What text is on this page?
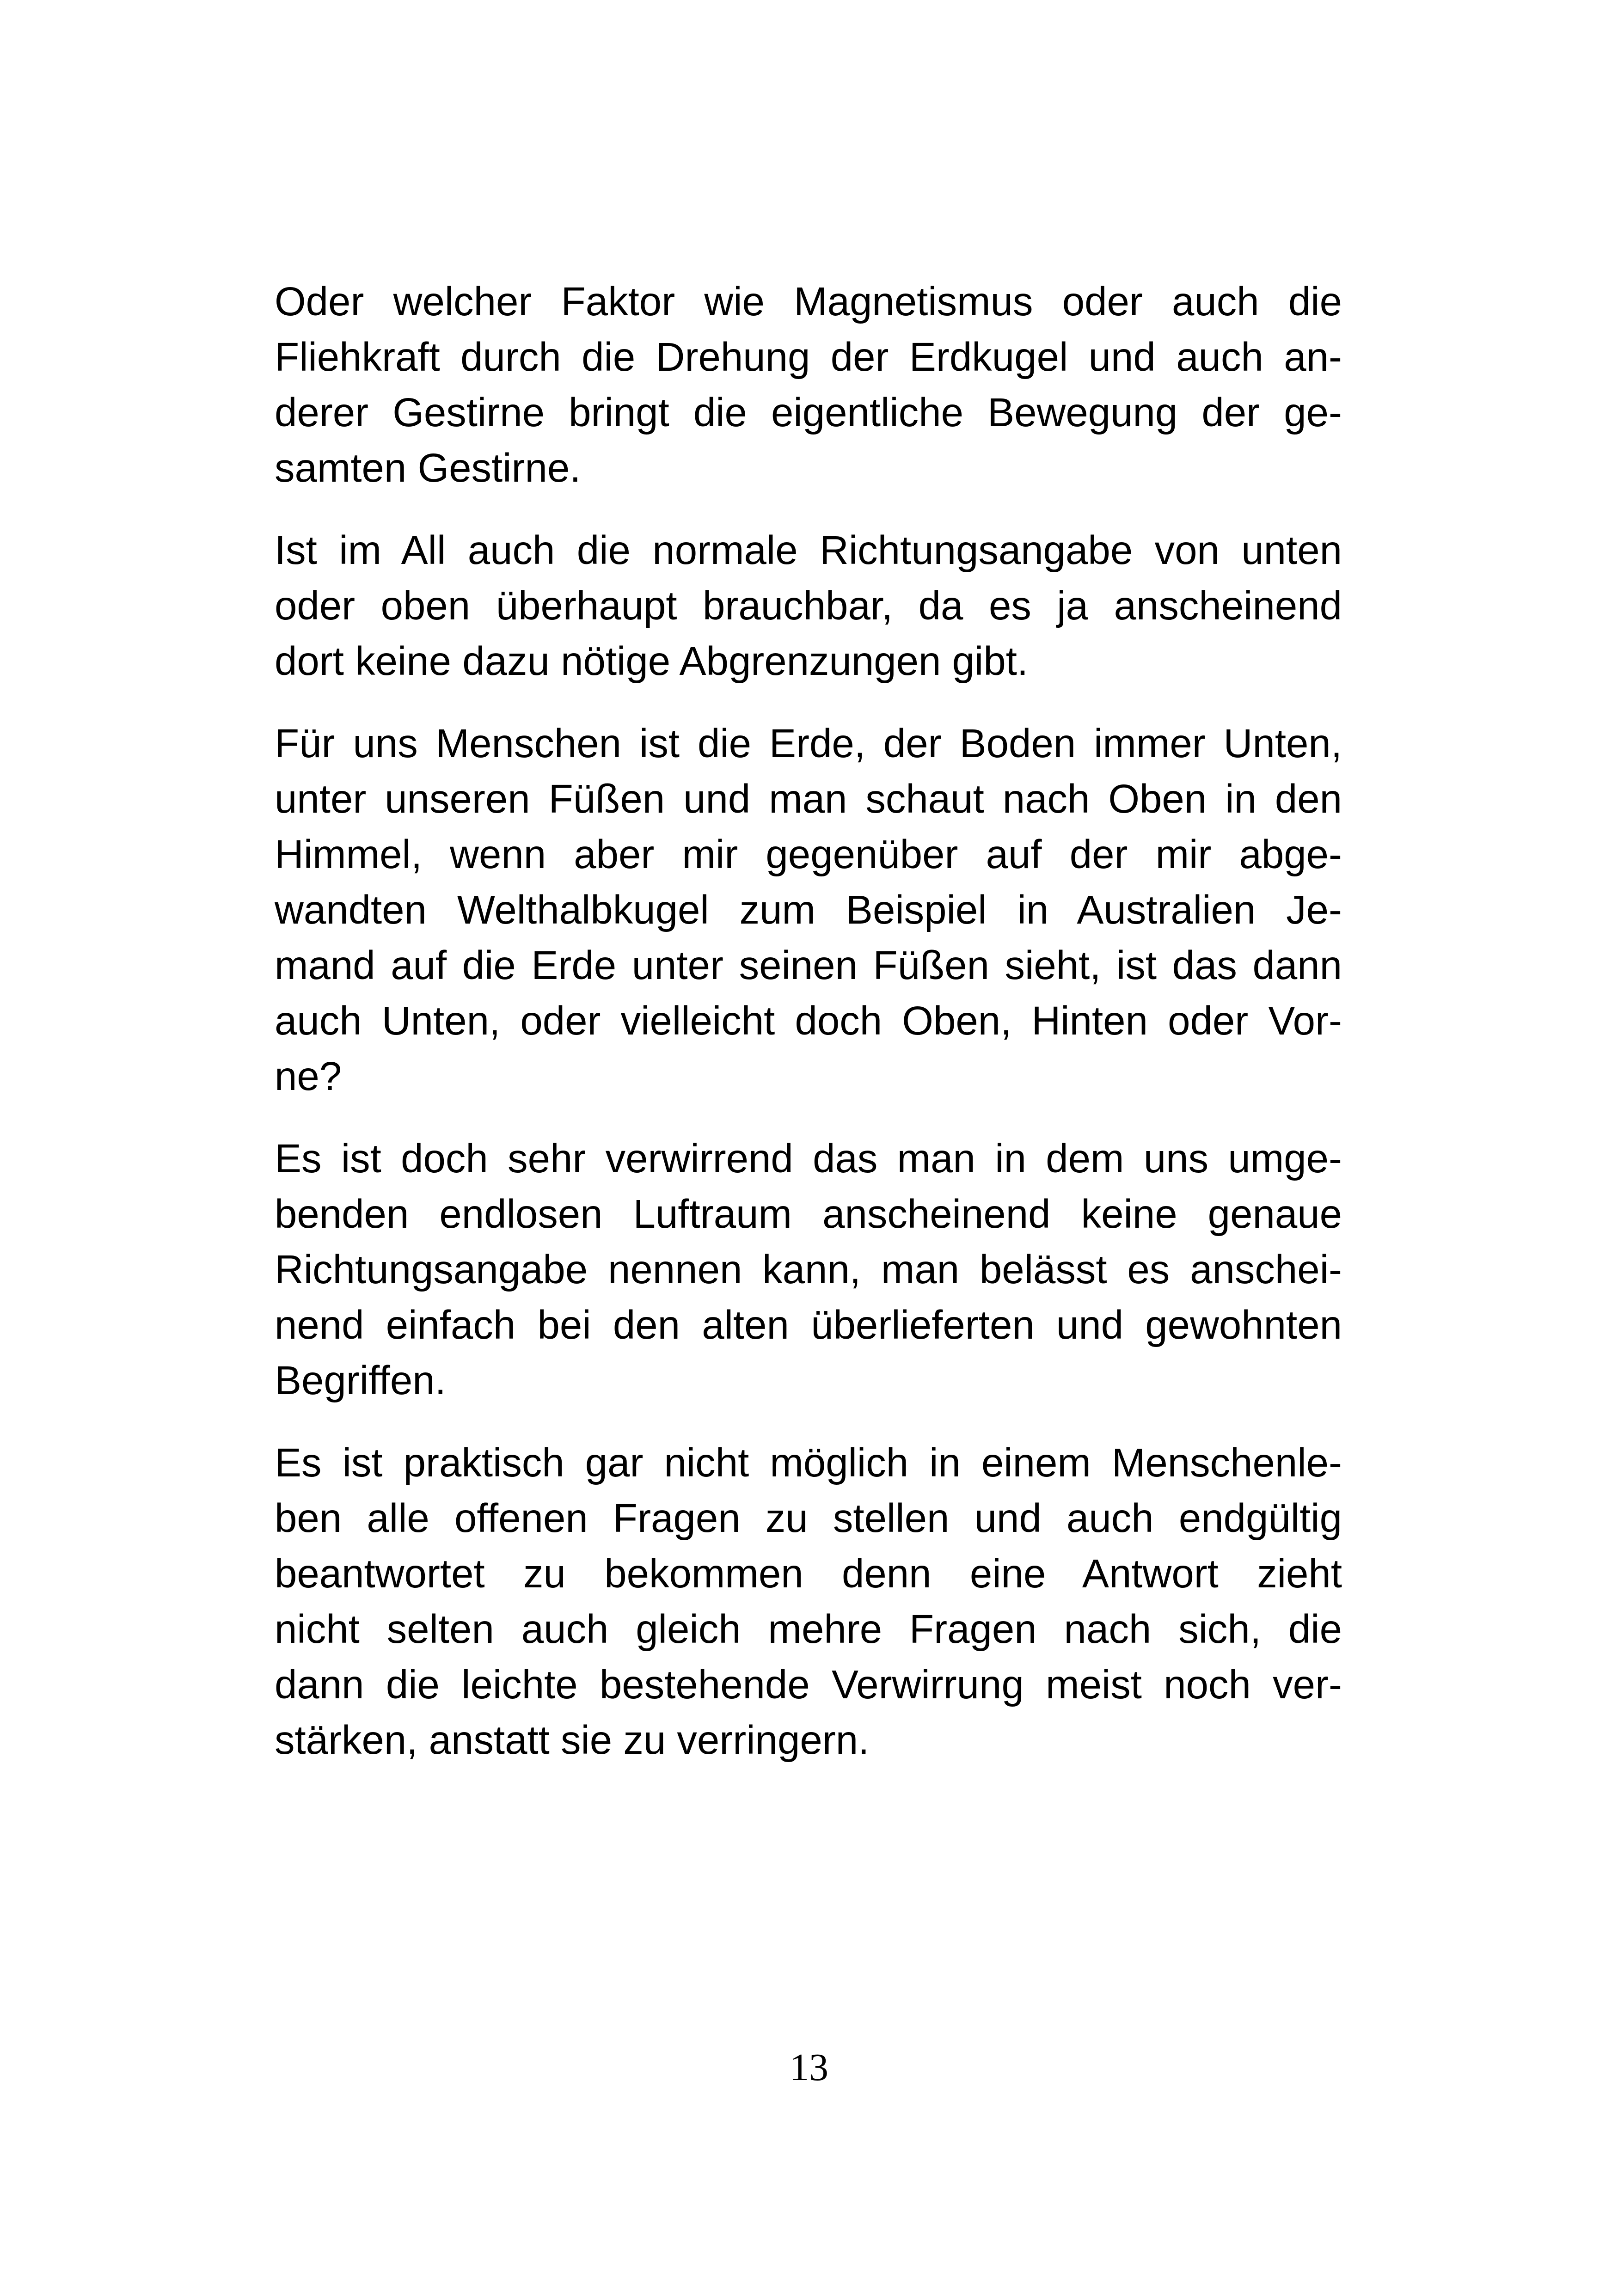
Oder welcher Faktor wie Magnetismus oder auch die
Fliehkraft durch die Drehung der Erdkugel und auch an-
derer Gestirne bringt die eigentliche Bewegung der ge-
samten Gestirne.
Ist im All auch die normale Richtungsangabe von unten
oder oben überhaupt brauchbar, da es ja anscheinend
dort keine dazu nötige Abgrenzungen gibt.
Für uns Menschen ist die Erde, der Boden immer Unten,
unter unseren Füßen und man schaut nach Oben in den
Himmel, wenn aber mir gegenüber auf der mir abge-
wandten Welthalbkugel zum Beispiel in Australien Je-
mand auf die Erde unter seinen Füßen sieht, ist das dann
auch Unten, oder vielleicht doch Oben, Hinten oder Vor-
ne?
Es ist doch sehr verwirrend das man in dem uns umge-
benden endlosen Luftraum anscheinend keine genaue
Richtungsangabe nennen kann, man belässt es anschei-
nend einfach bei den alten überlieferten und gewohnten
Begriffen.
Es ist praktisch gar nicht möglich in einem Menschenle-
ben alle offenen Fragen zu stellen und auch endgültig
beantwortet zu bekommen denn eine Antwort zieht
nicht selten auch gleich mehre Fragen nach sich, die
dann die leichte bestehende Verwirrung meist noch ver-
stärken, anstatt sie zu verringern.
13
